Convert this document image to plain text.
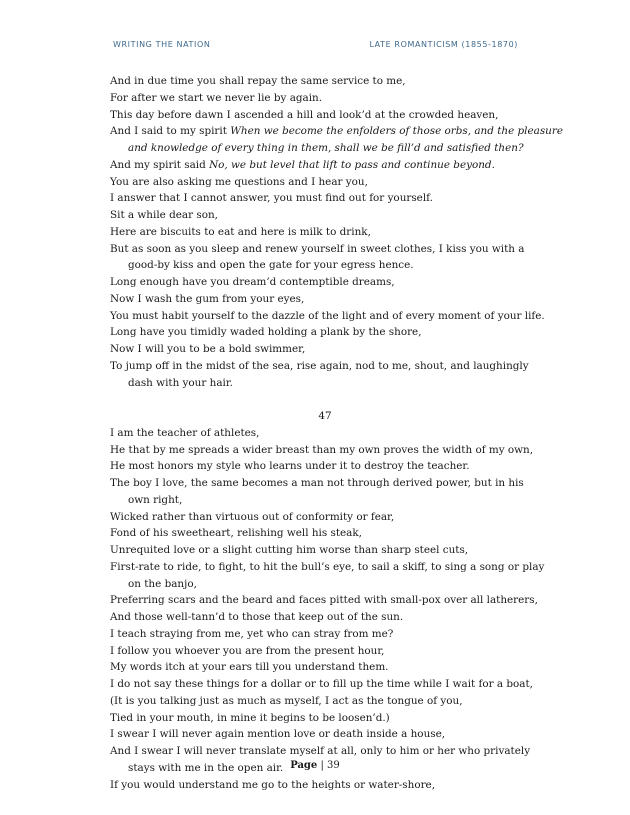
WRITING THE NATION	LATE ROMANTICISM (1855-1870)
And in due time you shall repay the same service to me,
For after we start we never lie by again.
This day before dawn I ascended a hill and look’d at the crowded heaven,
And I said to my spirit When we become the enfolders of those orbs, and the pleasure
and knowledge of every thing in them, shall we be fill’d and satisfied then?
And my spirit said No, we but level that lift to pass and continue beyond.
You are also asking me questions and I hear you,
I answer that I cannot answer, you must find out for yourself.
Sit a while dear son,
Here are biscuits to eat and here is milk to drink,
But as soon as you sleep and renew yourself in sweet clothes, I kiss you with a
good-by kiss and open the gate for your egress hence.
Long enough have you dream’d contemptible dreams,
Now I wash the gum from your eyes,
You must habit yourself to the dazzle of the light and of every moment of your life.
Long have you timidly waded holding a plank by the shore,
Now I will you to be a bold swimmer,
To jump off in the midst of the sea, rise again, nod to me, shout, and laughingly
dash with your hair.
47
I am the teacher of athletes,
He that by me spreads a wider breast than my own proves the width of my own,
He most honors my style who learns under it to destroy the teacher.
The boy I love, the same becomes a man not through derived power, but in his
own right,
Wicked rather than virtuous out of conformity or fear,
Fond of his sweetheart, relishing well his steak,
Unrequited love or a slight cutting him worse than sharp steel cuts,
First-rate to ride, to fight, to hit the bull’s eye, to sail a skiff, to sing a song or play
on the banjo,
Preferring scars and the beard and faces pitted with small-pox over all latherers,
And those well-tann’d to those that keep out of the sun.
I teach straying from me, yet who can stray from me?
I follow you whoever you are from the present hour,
My words itch at your ears till you understand them.
I do not say these things for a dollar or to fill up the time while I wait for a boat,
(It is you talking just as much as myself, I act as the tongue of you,
Tied in your mouth, in mine it begins to be loosen’d.)
I swear I will never again mention love or death inside a house,
And I swear I will never translate myself at all, only to him or her who privately
stays with me in the open air.
If you would understand me go to the heights or water-shore,
Page | 39
